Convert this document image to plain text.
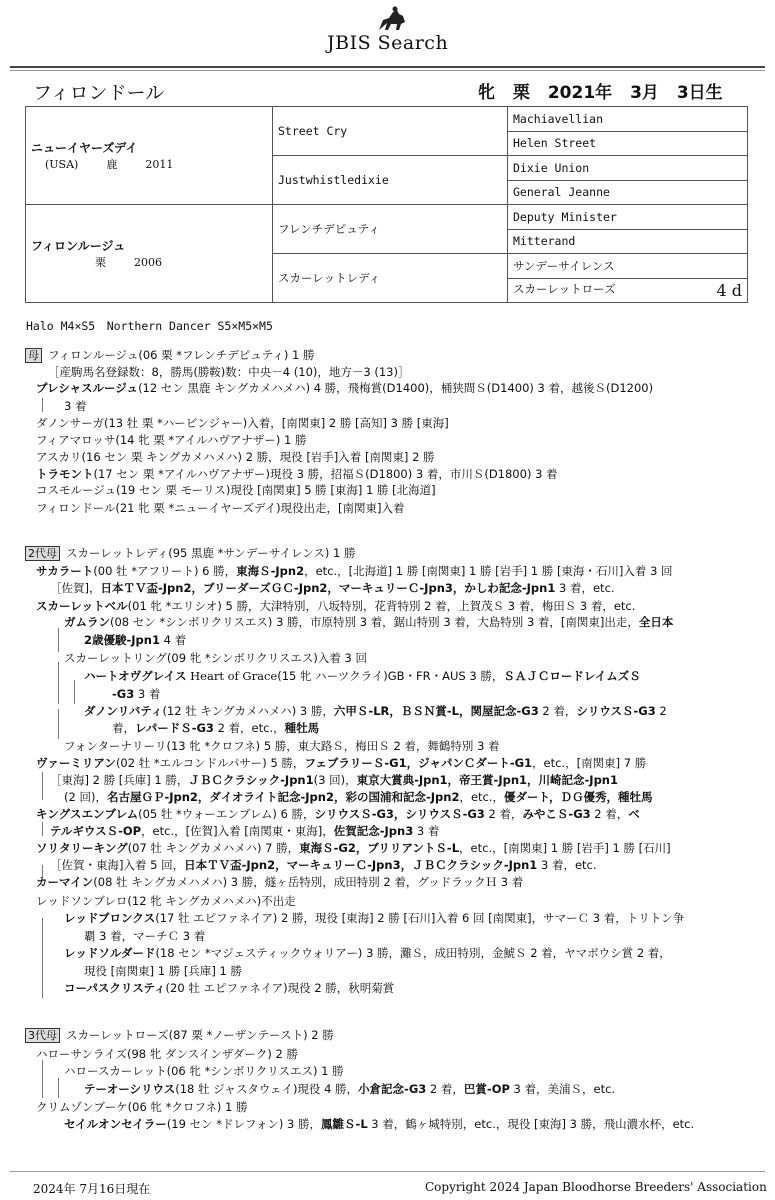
JBIS Search
フィロンドール	牝 栗 2021年 3月 3日生
ニューイヤーズデイ
(USA) 鹿 2011	Street Cry	Machiavellian
		Helen Street
	Justwhistledixie	Dixie Union
		General Jeanne

フィロンルージュ
栗 2006	フレンチデピュティ	Deputy Minister
		Mitterand
	スカーレットレディ	サンデーサイレンス
		スカーレットローズ 4 d
Halo M4×S5　Northern Dancer S5×M5×M5
母 フィロンルージュ(06 栗 *フレンチデピュティ) 1 勝
［産駒馬名登録数：8，勝馬(勝鞍)数：中央－4 (10)，地方－3 (13)］
プレシャスルージュ(12 セン 黒鹿 キングカメハメハ) 4 勝，飛梅賞(D1400)，桶狭間Ｓ(D1400) 3 着，越後Ｓ(D1200)
3 着
ダノンサーガ(13 牡 栗 *ハービンジャー)入着，[南関東] 2 勝 [高知] 3 勝 [東海]
フィアマロッサ(14 牝 栗 *アイルハヴアナザー) 1 勝
アスカリ(16 セン 栗 キングカメハメハ) 2 勝，現役 [岩手]入着 [南関東] 2 勝
トラモント(17 セン 栗 *アイルハヴアナザー)現役 3 勝，招福Ｓ(D1800) 3 着，市川Ｓ(D1800) 3 着
コスモルージュ(19 セン 栗 モーリス)現役 [南関東] 5 勝 [東海] 1 勝 [北海道]
フィロンドール(21 牝 栗 *ニューイヤーズデイ)現役出走，[南関東]入着
2代母 スカーレットレディ(95 黒鹿 *サンデーサイレンス) 1 勝
サカラート(00 牡 *アフリート) 6 勝，東海Ｓ-Jpn2，etc.，[北海道] 1 勝 [南関東] 1 勝 [岩手] 1 勝 [東海・石川]入着 3 回
［佐賀]，日本ＴＶ盃-Jpn2，ブリーダーズＧＣ-Jpn2，マーキュリーＣ-Jpn3，かしわ記念-Jpn1 3 着，etc.
スカーレットベル(01 牝 *エリシオ) 5 勝，大津特別，八坂特別，花背特別 2 着，上賀茂Ｓ 3 着，梅田Ｓ 3 着，etc.
ガムラン(08 セン *シンボリクリスエス) 3 勝，市原特別 3 着，鋸山特別 3 着，大島特別 3 着，[南関東]出走，全日本
2歳優駿-Jpn1 4 着
スカーレットリング(09 牝 *シンボリクリスエス)入着 3 回
ハートオヴグレイス Heart of Grace(15 牝 ハーツクライ)GB・FR・AUS 3 勝，ＳＡＪＣロードレイムズＳ
-G3 3 着
ダノンリバティ(12 牡 キングカメハメハ) 3 勝，六甲Ｓ-LR，ＢＳＮ賞-L，関屋記念-G3 2 着，シリウスＳ-G3 2
着，レパードＳ-G3 2 着，etc.，種牡馬
フォンターナリーリ(13 牝 *クロフネ) 5 勝，東大路Ｓ，梅田Ｓ 2 着，舞鶴特別 3 着
ヴァーミリアン(02 牡 *エルコンドルパサー) 5 勝，フェブラリーＳ-G1，ジャパンＣダート-G1，etc.，[南関東] 7 勝
［東海] 2 勝 [兵庫] 1 勝，ＪＢＣクラシック-Jpn1(3 回)，東京大賞典-Jpn1，帝王賞-Jpn1，川崎記念-Jpn1
(2 回)，名古屋ＧＰ-Jpn2，ダイオライト記念-Jpn2，彩の国浦和記念-Jpn2，etc.，優ダート，ＤＧ優秀，種牡馬
キングスエンブレム(05 牡 *ウォーエンブレム) 6 勝，シリウスＳ-G3，シリウスＳ-G3 2 着，みやこＳ-G3 2 着，ベ
テルギウスＳ-OP，etc.，[佐賀]入着 [南関東・東海]，佐賀記念-Jpn3 3 着
ソリタリーキング(07 牡 キングカメハメハ) 7 勝，東海Ｓ-G2，ブリリアントＳ-L，etc.，[南関東] 1 勝 [岩手] 1 勝 [石川]
［佐賀・東海]入着 5 回，日本ＴＶ盃-Jpn2，マーキュリーＣ-Jpn3，ＪＢＣクラシック-Jpn1 3 着，etc.
カーマイン(08 牡 キングカメハメハ) 3 勝，燧ヶ岳特別，成田特別 2 着，グッドラックＨ 3 着
レッドソンブレロ(12 牝 キングカメハメハ)不出走
レッドブロンクス(17 牡 エピファネイア) 2 勝，現役 [東海] 2 勝 [石川]入着 6 回 [南関東]，サマーＣ 3 着，トリトン争
覇 3 着，マーチＣ 3 着
レッドソルダード(18 セン *マジェスティックウォリアー) 3 勝，灘Ｓ，成田特別，金鯱Ｓ 2 着，ヤマボウシ賞 2 着，
現役 [南関東] 1 勝 [兵庫] 1 勝
コーパスクリスティ(20 牡 エピファネイア)現役 2 勝，秋明菊賞
3代母 スカーレットローズ(87 栗 *ノーザンテースト) 2 勝
ハローサンライズ(98 牝 ダンスインザダーク) 2 勝
ハロースカーレット(06 牝 *シンボリクリスエス) 1 勝
テーオーシリウス(18 牡 ジャスタウェイ)現役 4 勝，小倉記念-G3 2 着，巴賞-OP 3 着，美浦Ｓ，etc.
クリムゾンブーケ(06 牝 *クロフネ) 1 勝
セイルオンセイラー(19 セン *ドレフォン) 3 勝，鳳雛Ｓ-L 3 着，鶴ヶ城特別，etc.，現役 [東海] 3 勝，飛山濃水杯，etc.
2024年 7月16日現在	Copyright 2024 Japan Bloodhorse Breeders' Association
